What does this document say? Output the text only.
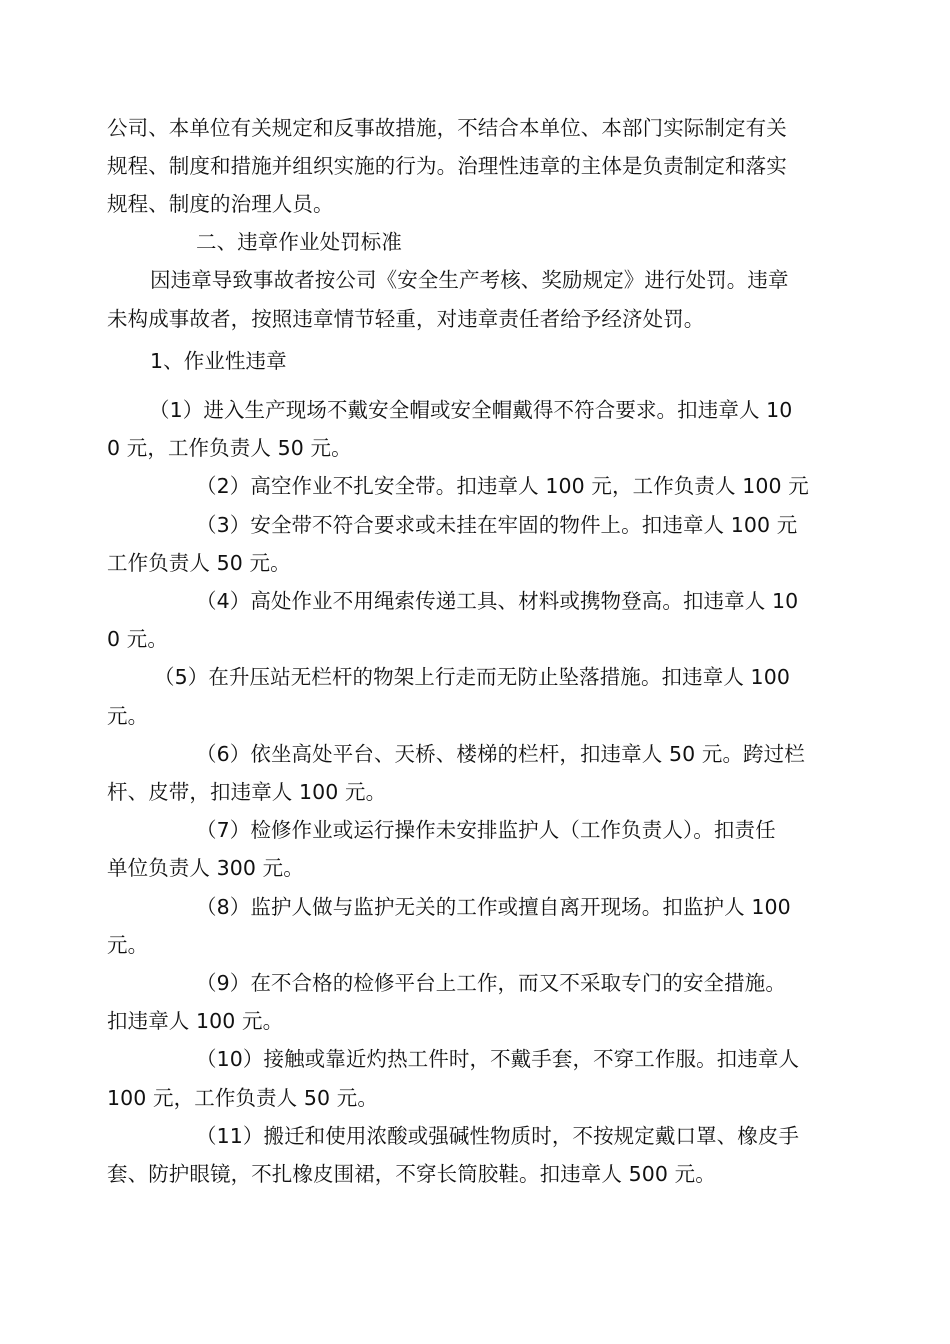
公司、本单位有关规定和反事故措施，不结合本单位、本部门实际制定有关
规程、制度和措施并组织实施的行为。治理性违章的主体是负责制定和落实
规程、制度的治理人员。
二、违章作业处罚标准
因违章导致事故者按公司《安全生产考核、奖励规定》进行处罚。违章
未构成事故者，按照违章情节轻重，对违章责任者给予经济处罚。
1、作业性违章
（1）进入生产现场不戴安全帽或安全帽戴得不符合要求。扣违章人 10
0 元，工作负责人 50 元。
（2）高空作业不扎安全带。扣违章人 100 元，工作负责人 100 元
（3）安全带不符合要求或未挂在牢固的物件上。扣违章人 100 元
工作负责人 50 元。
（4）高处作业不用绳索传递工具、材料或携物登高。扣违章人 10
0 元。
（5）在升压站无栏杆的物架上行走而无防止坠落措施。扣违章人 100
元。
（6）依坐高处平台、天桥、楼梯的栏杆，扣违章人 50 元。跨过栏
杆、皮带，扣违章人 100 元。
（7）检修作业或运行操作未安排监护人（工作负责人）。扣责任
单位负责人 300 元。
（8）监护人做与监护无关的工作或擅自离开现场。扣监护人 100
元。
（9）在不合格的检修平台上工作，而又不采取专门的安全措施。
扣违章人 100 元。
（10）接触或靠近灼热工件时，不戴手套，不穿工作服。扣违章人
100 元，工作负责人 50 元。
（11）搬迁和使用浓酸或强碱性物质时，不按规定戴口罩、橡皮手
套、防护眼镜，不扎橡皮围裙，不穿长筒胶鞋。扣违章人 500 元。
